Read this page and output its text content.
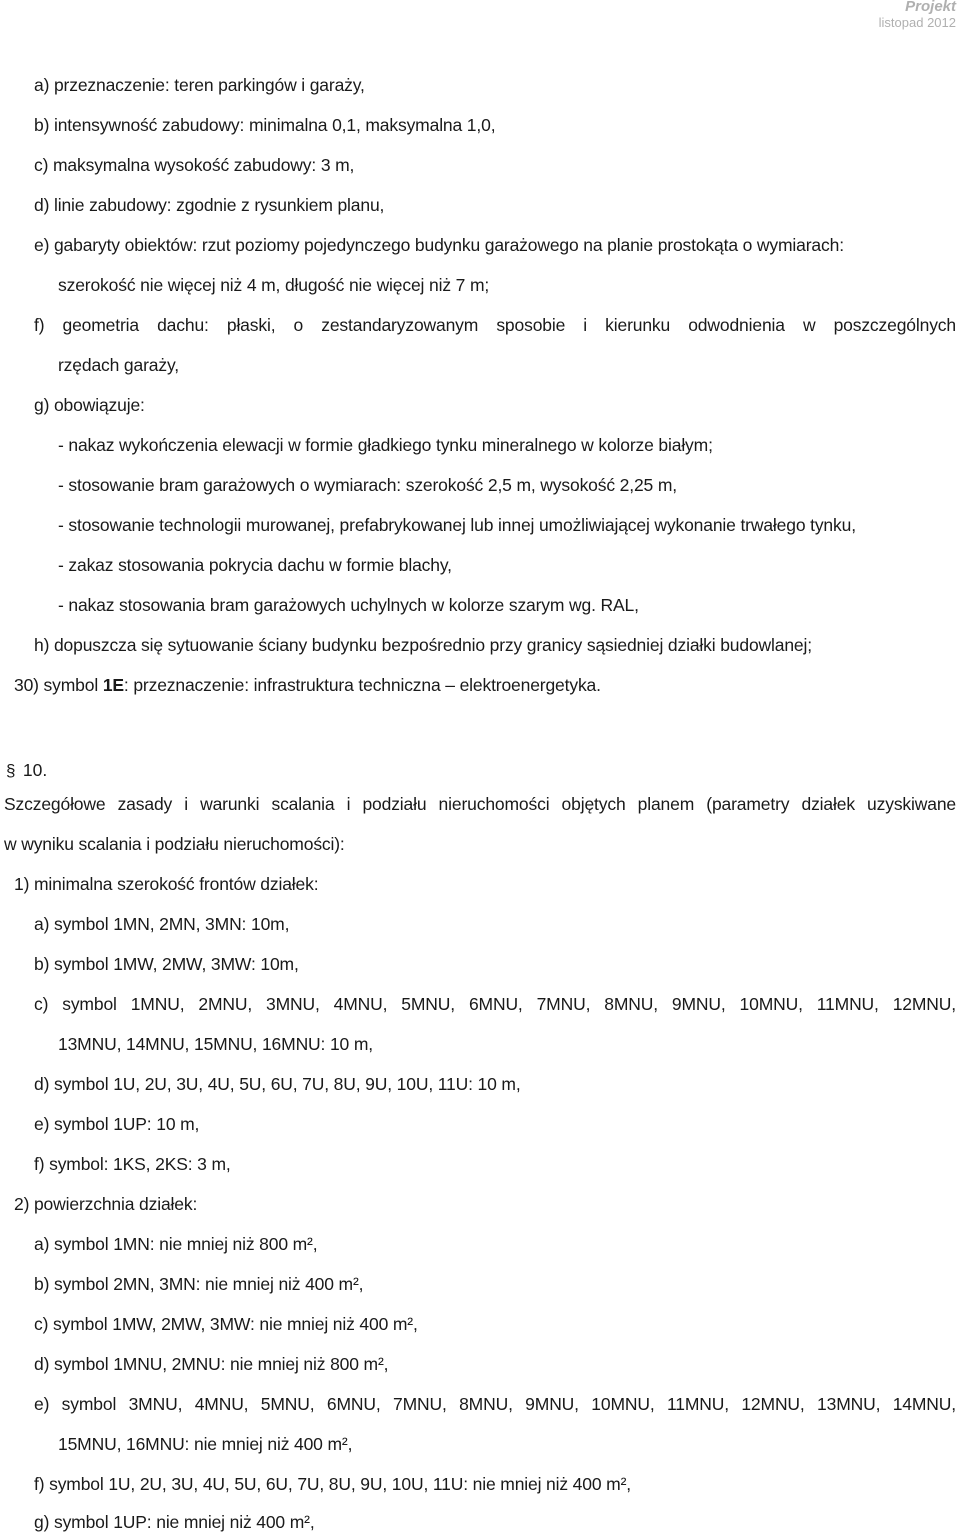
Projekt
listopad 2012
a) przeznaczenie: teren parkingów i garaży,
b) intensywność zabudowy: minimalna 0,1, maksymalna 1,0,
c) maksymalna wysokość zabudowy: 3 m,
d) linie zabudowy: zgodnie z rysunkiem planu,
e) gabaryty obiektów: rzut poziomy pojedynczego budynku garażowego na planie prostokąta o wymiarach:
szerokość nie więcej niż 4 m, długość nie więcej niż 7 m;
f) geometria dachu: płaski, o zestandaryzowanym sposobie i kierunku odwodnienia w poszczególnych
rzędach garaży,
g) obowiązuje:
- nakaz wykończenia elewacji w formie gładkiego tynku mineralnego w kolorze białym;
- stosowanie bram garażowych o wymiarach: szerokość 2,5 m, wysokość 2,25 m,
- stosowanie technologii murowanej, prefabrykowanej lub innej umożliwiającej wykonanie trwałego tynku,
- zakaz stosowania pokrycia dachu w formie blachy,
- nakaz stosowania bram garażowych uchylnych w kolorze szarym wg. RAL,
h) dopuszcza się sytuowanie ściany budynku bezpośrednio przy granicy sąsiedniej działki budowlanej;
30) symbol 1E: przeznaczenie: infrastruktura techniczna – elektroenergetyka.
§ 10.
Szczegółowe zasady i warunki scalania i podziału nieruchomości objętych planem (parametry działek uzyskiwane
w wyniku scalania i podziału nieruchomości):
1) minimalna szerokość frontów działek:
a) symbol 1MN, 2MN, 3MN: 10m,
b) symbol 1MW, 2MW, 3MW: 10m,
c) symbol 1MNU, 2MNU, 3MNU, 4MNU, 5MNU, 6MNU, 7MNU, 8MNU, 9MNU, 10MNU, 11MNU, 12MNU,
13MNU, 14MNU, 15MNU, 16MNU: 10 m,
d) symbol 1U, 2U, 3U, 4U, 5U, 6U, 7U, 8U, 9U, 10U, 11U: 10 m,
e) symbol 1UP: 10 m,
f) symbol: 1KS, 2KS: 3 m,
2) powierzchnia działek:
a) symbol 1MN: nie mniej niż 800 m²,
b) symbol 2MN, 3MN: nie mniej niż 400 m²,
c) symbol 1MW, 2MW, 3MW: nie mniej niż 400 m²,
d) symbol 1MNU, 2MNU: nie mniej niż 800 m²,
e) symbol 3MNU, 4MNU, 5MNU, 6MNU, 7MNU, 8MNU, 9MNU, 10MNU, 11MNU, 12MNU, 13MNU, 14MNU,
15MNU, 16MNU: nie mniej niż 400 m²,
f) symbol 1U, 2U, 3U, 4U, 5U, 6U, 7U, 8U, 9U, 10U, 11U: nie mniej niż 400 m²,
g) symbol 1UP: nie mniej niż 400 m²,
